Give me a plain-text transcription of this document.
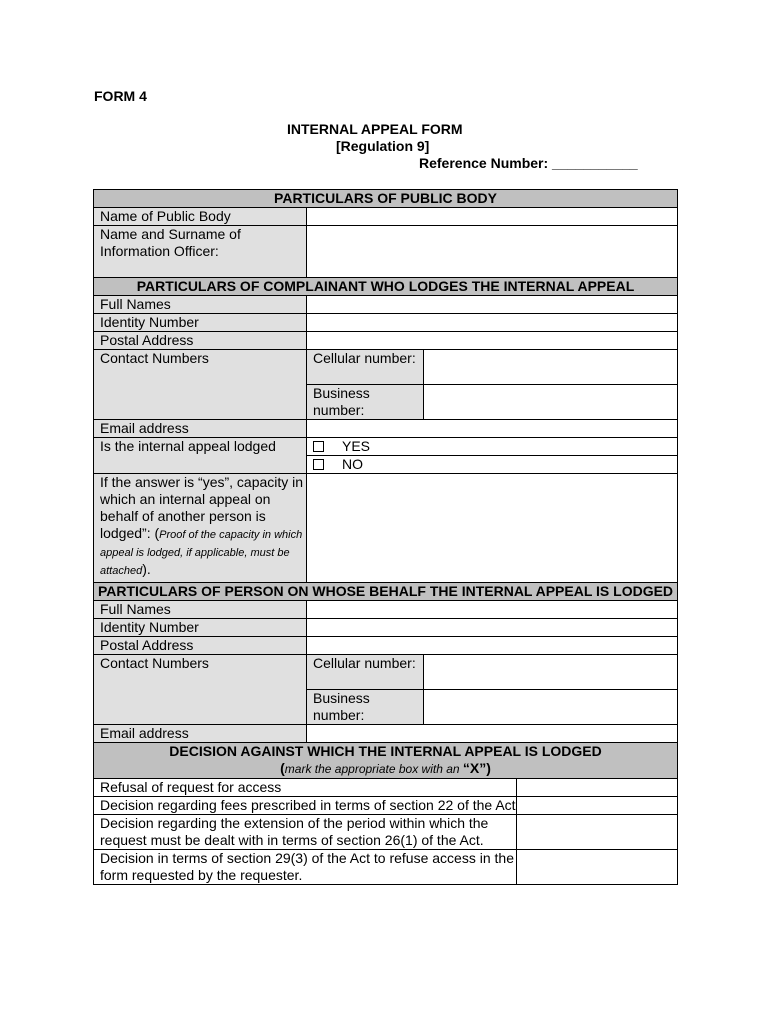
FORM 4
INTERNAL APPEAL FORM
[Regulation 9]
Reference Number: ___________
PARTICULARS OF PUBLIC BODY			
Name of Public Body			
Name and Surname of Information Officer:			
PARTICULARS OF COMPLAINANT WHO LODGES THE INTERNAL APPEAL			
Full Names			
Identity Number			
Postal Address			
Contact Numbers	Cellular number:		
	Business number:		
Email address			
Is the internal appeal lodged	YES		
	NO		
If the answer is “yes”, capacity in which an internal appeal on behalf of another person is lodged”: (Proof of the capacity in which appeal is lodged, if applicable, must be attached).			
PARTICULARS OF PERSON ON WHOSE BEHALF THE INTERNAL APPEAL IS LODGED			
Full Names			
Identity Number			
Postal Address			
Contact Numbers	Cellular number:		
	Business number:		
Email address			

DECISION AGAINST WHICH THE INTERNAL APPEAL IS LODGED
(mark the appropriate box with an “X”)			

Refusal of request for access			
Decision regarding fees prescribed in terms of section 22 of the Act			
Decision regarding the extension of the period within which the request must be dealt with in terms of section 26(1) of the Act.			
Decision in terms of section 29(3) of the Act to refuse access in the form requested by the requester.			
